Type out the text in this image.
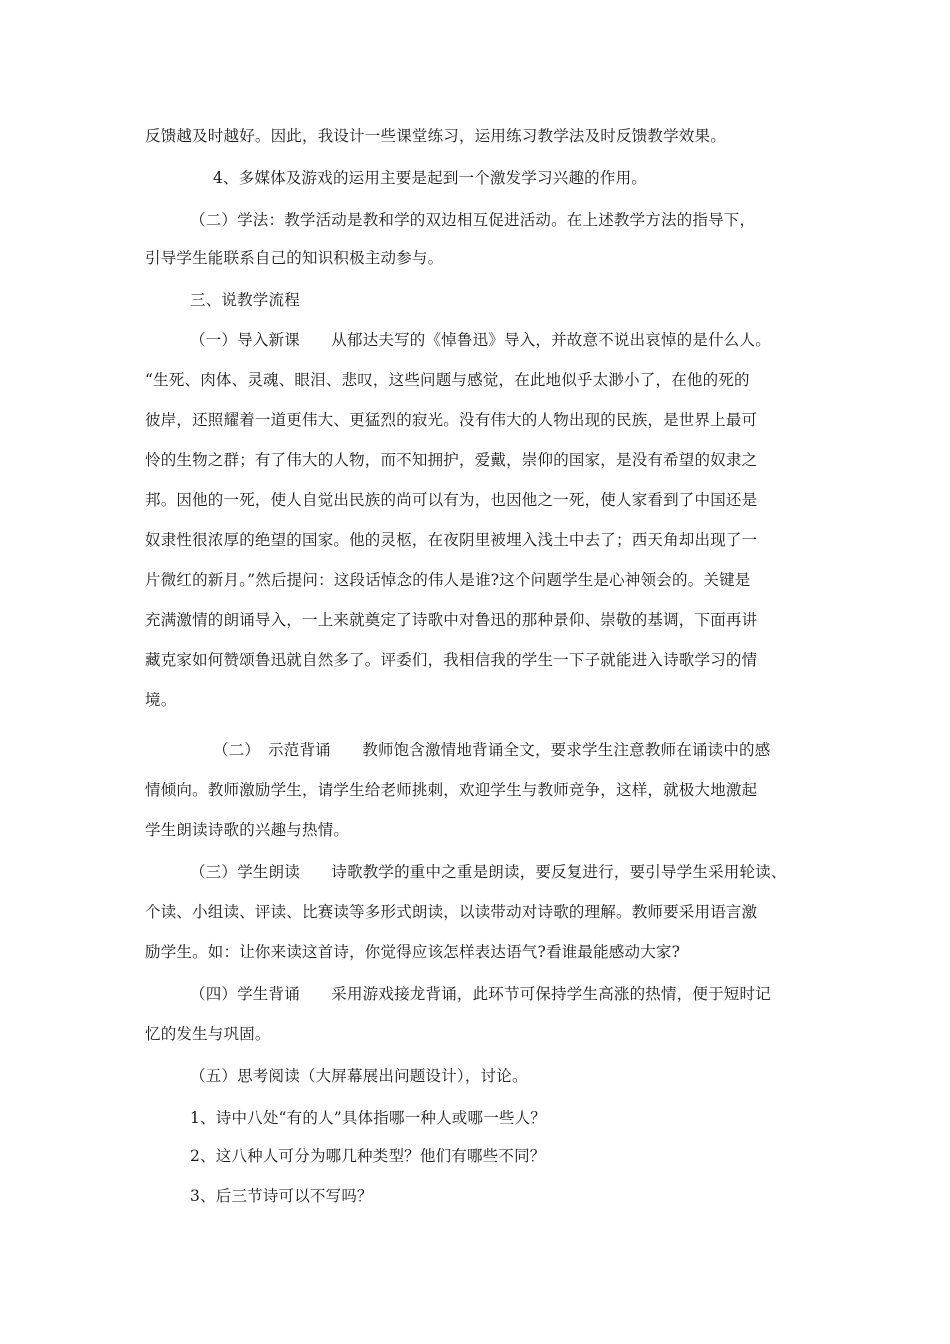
反馈越及时越好。因此，我设计一些课堂练习，运用练习教学法及时反馈教学效果。
4、多媒体及游戏的运用主要是起到一个激发学习兴趣的作用。
（二）学法：教学活动是教和学的双边相互促进活动。在上述教学方法的指导下，
引导学生能联系自己的知识积极主动参与。
三、说教学流程
（一）导入新课　　从郁达夫写的《悼鲁迅》导入，并故意不说出哀悼的是什么人。
“生死、肉体、灵魂、眼泪、悲叹，这些问题与感觉，在此地似乎太渺小了，在他的死的
彼岸，还照耀着一道更伟大、更猛烈的寂光。没有伟大的人物出现的民族，是世界上最可
怜的生物之群；有了伟大的人物，而不知拥护，爱戴，崇仰的国家，是没有希望的奴隶之
邦。因他的一死，使人自觉出民族的尚可以有为，也因他之一死，使人家看到了中国还是
奴隶性很浓厚的绝望的国家。他的灵柩，在夜阴里被埋入浅土中去了；西天角却出现了一
片微红的新月。”然后提问：这段话悼念的伟人是谁?这个问题学生是心神领会的。关键是
充满激情的朗诵导入，一上来就奠定了诗歌中对鲁迅的那种景仰、崇敬的基调，下面再讲
藏克家如何赞颂鲁迅就自然多了。评委们，我相信我的学生一下子就能进入诗歌学习的情
境。
（二）　示范背诵　　教师饱含激情地背诵全文，要求学生注意教师在诵读中的感
情倾向。教师激励学生，请学生给老师挑刺，欢迎学生与教师竞争，这样，就极大地激起
学生朗读诗歌的兴趣与热情。
（三）学生朗读　　诗歌教学的重中之重是朗读，要反复进行，要引导学生采用轮读、
个读、小组读、评读、比赛读等多形式朗读，以读带动对诗歌的理解。教师要采用语言激
励学生。如：让你来读这首诗，你觉得应该怎样表达语气?看谁最能感动大家?
（四）学生背诵　　采用游戏接龙背诵，此环节可保持学生高涨的热情，便于短时记
忆的发生与巩固。
（五）思考阅读（大屏幕展出问题设计），讨论。
1、诗中八处“有的人”具体指哪一种人或哪一些人？
2、这八种人可分为哪几种类型？他们有哪些不同？
3、后三节诗可以不写吗？
